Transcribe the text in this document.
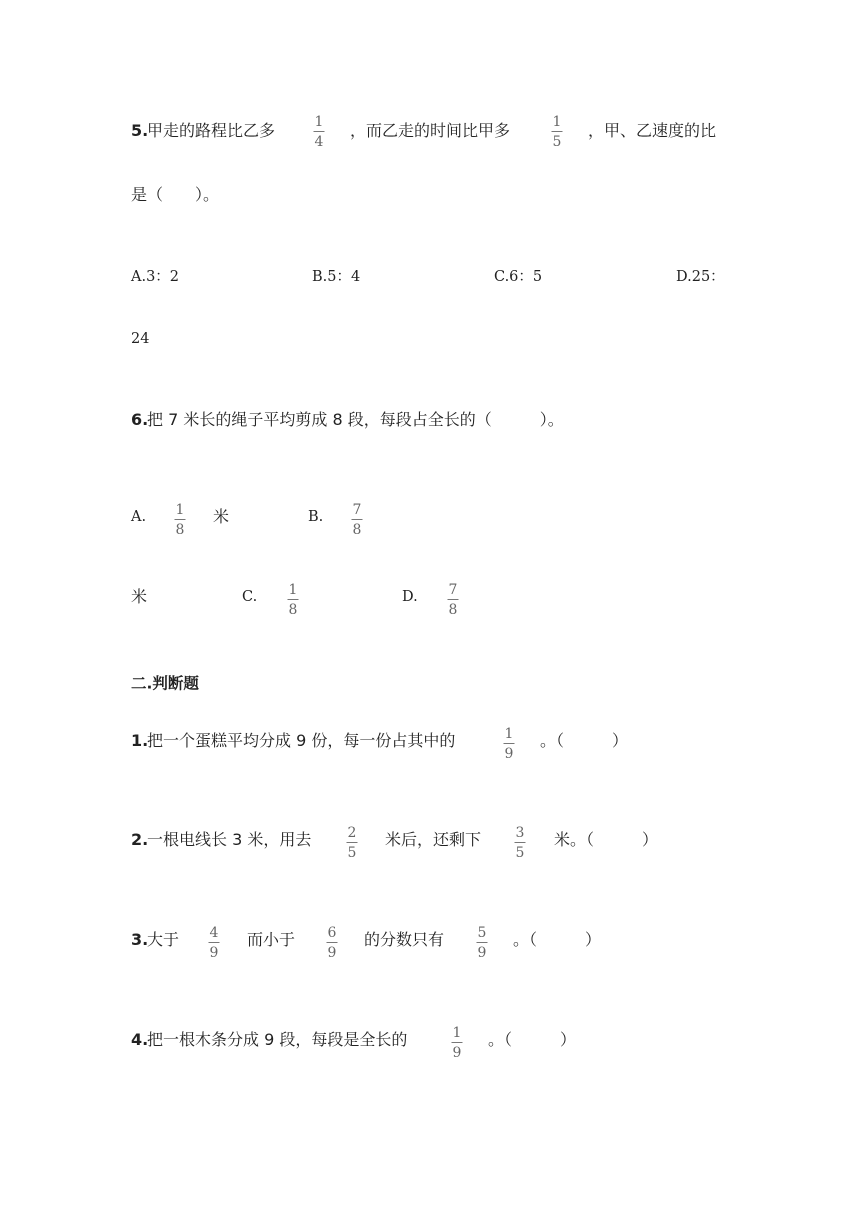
5.
甲走的路程比乙多	1
4
，而乙走的时间比甲多	1
5
，甲、乙速度的比
是（　　）。
A.3：2	B.5：4	C.6：5	D.25：
24
6.
把 7 米长的绳子平均剪成 8 段，每段占全长的（　　　）。
A. 1
8
米	B. 7
8
米	C. 1
8
D. 7
8
二.判断题
1.
把一个蛋糕平均分成 9 份，每一份占其中的	1
9
。（　　　）
2.
一根电线长 3 米，用去	2
5
米后，还剩下 3
5
米。（　　　）
3.
大于 4
9
而小于 6
9
的分数只有 5
9
。（　　　）
4.
把一根木条分成 9 段，每段是全长的	1
9
。（　　　）
